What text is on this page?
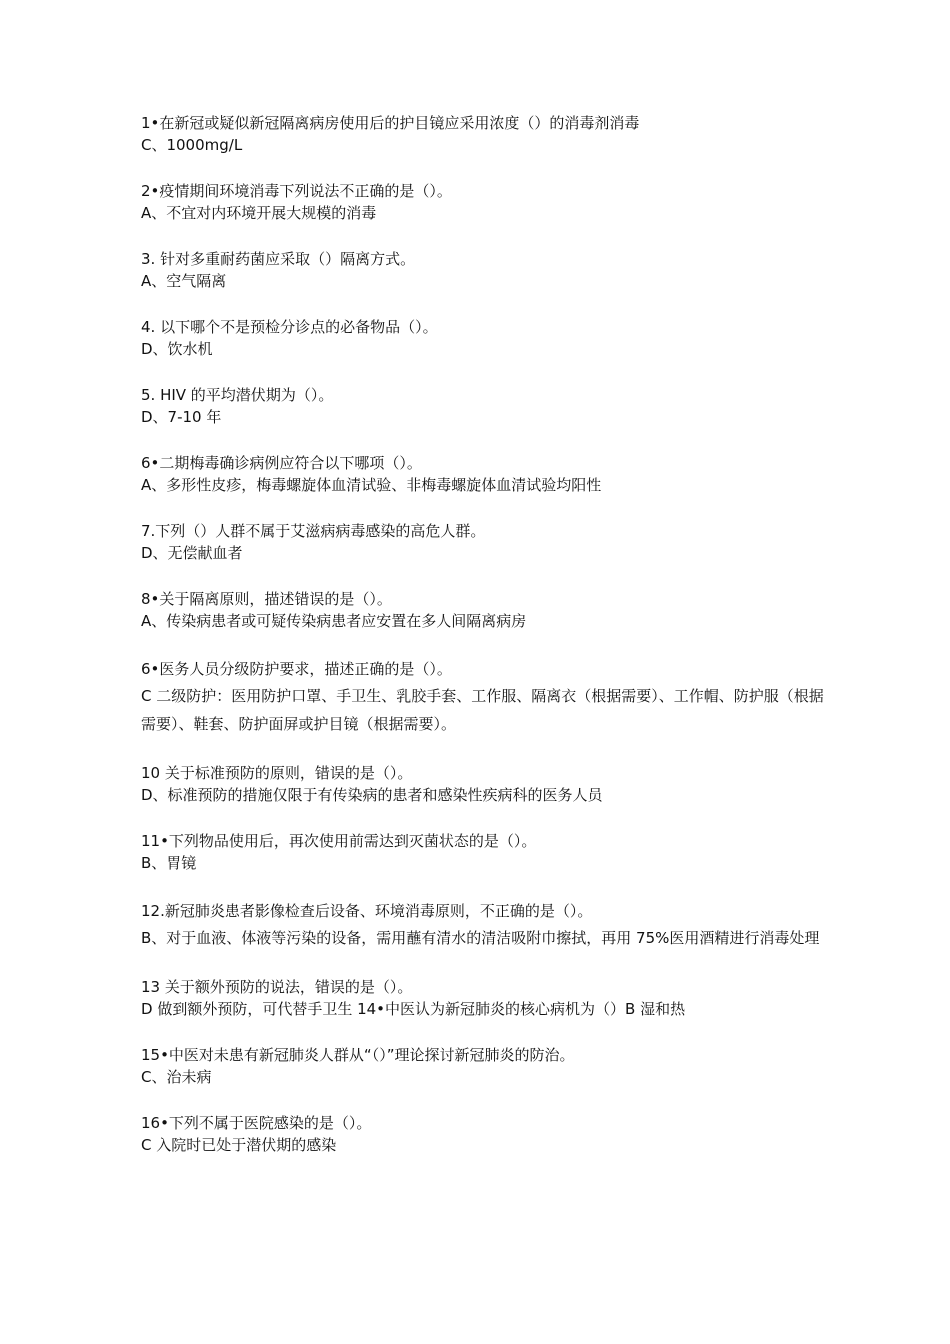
1•在新冠或疑似新冠隔离病房使用后的护目镜应采用浓度（）的消毒剂消毒
C、1000mg/L
2•疫情期间环境消毒下列说法不正确的是（）。
A、不宜对内环境开展大规模的消毒
3. 针对多重耐药菌应采取（）隔离方式。
A、空气隔离
4. 以下哪个不是预检分诊点的必备物品（）。
D、饮水机
5. HIV 的平均潜伏期为（）。
D、7-10 年
6•二期梅毒确诊病例应符合以下哪项（）。
A、多形性皮疹，梅毒螺旋体血清试验、非梅毒螺旋体血清试验均阳性
7.下列（）人群不属于艾滋病病毒感染的高危人群。
D、无偿献血者
8•关于隔离原则，描述错误的是（）。
A、传染病患者或可疑传染病患者应安置在多人间隔离病房
6•医务人员分级防护要求，描述正确的是（）。
C 二级防护：医用防护口罩、手卫生、乳胶手套、工作服、隔离衣（根据需要）、工作帽、防护服（根据需要）、鞋套、防护面屏或护目镜（根据需要）。
10 关于标准预防的原则，错误的是（）。
D、标准预防的措施仅限于有传染病的患者和感染性疾病科的医务人员
11•下列物品使用后，再次使用前需达到灭菌状态的是（）。
B、胃镜
12.新冠肺炎患者影像检查后设备、环境消毒原则，不正确的是（）。
B、对于血液、体液等污染的设备，需用蘸有清水的清洁吸附巾擦拭，再用 75%医用酒精进行消毒处理
13 关于额外预防的说法，错误的是（）。
D 做到额外预防，可代替手卫生 14•中医认为新冠肺炎的核心病机为（）B 湿和热
15•中医对未患有新冠肺炎人群从“（）”理论探讨新冠肺炎的防治。
C、治未病
16•下列不属于医院感染的是（）。
C 入院时已处于潜伏期的感染
